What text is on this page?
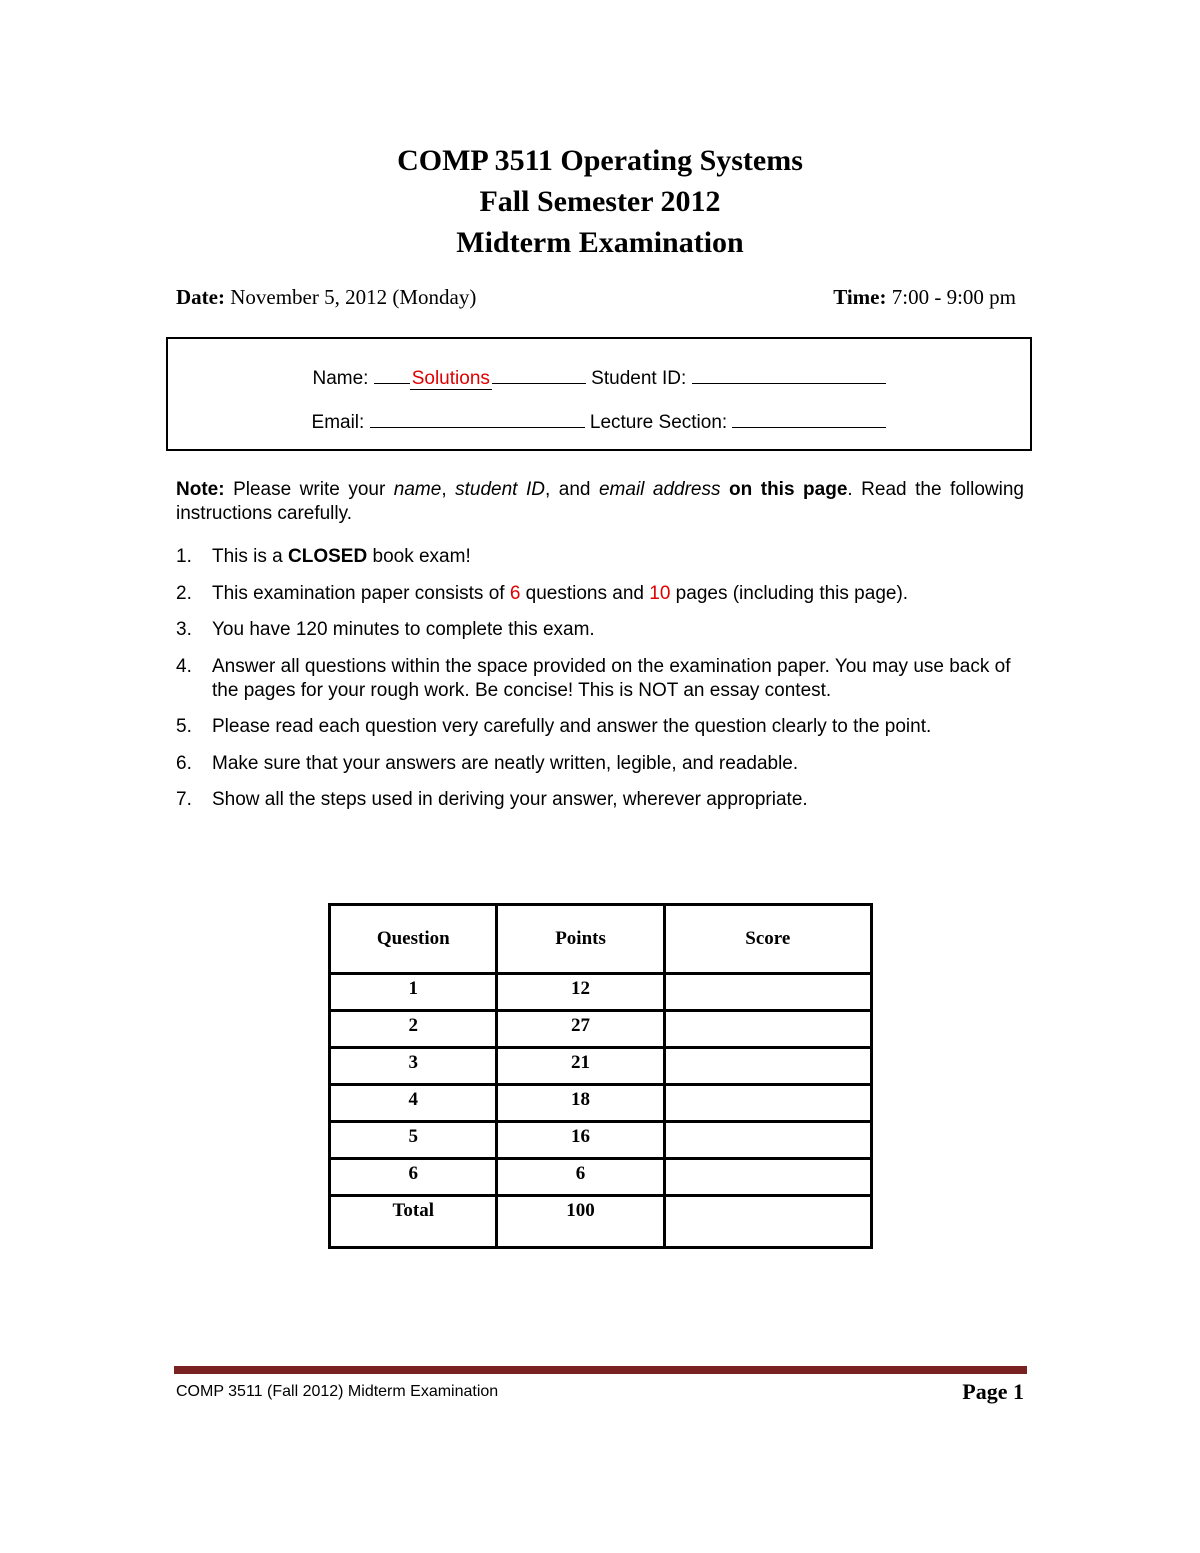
COMP 3511 Operating Systems
Fall Semester 2012
Midterm Examination
Date: November 5, 2012 (Monday)	Time: 7:00 - 9:00 pm
Name: Solutions	Student ID:
Email:	Lecture Section:
Note: Please write your name, student ID, and email address on this page. Read the following instructions carefully.
1. This is a CLOSED book exam!
2. This examination paper consists of 6 questions and 10 pages (including this page).
3. You have 120 minutes to complete this exam.
4. Answer all questions within the space provided on the examination paper. You may use back of the pages for your rough work. Be concise! This is NOT an essay contest.
5. Please read each question very carefully and answer the question clearly to the point.
6. Make sure that your answers are neatly written, legible, and readable.
7. Show all the steps used in deriving your answer, wherever appropriate.
Question	Points	Score
1	12	
2	27	
3	21	
4	18	
5	16	
6	6	
Total	100	
COMP 3511 (Fall 2012) Midterm Examination	Page 1
